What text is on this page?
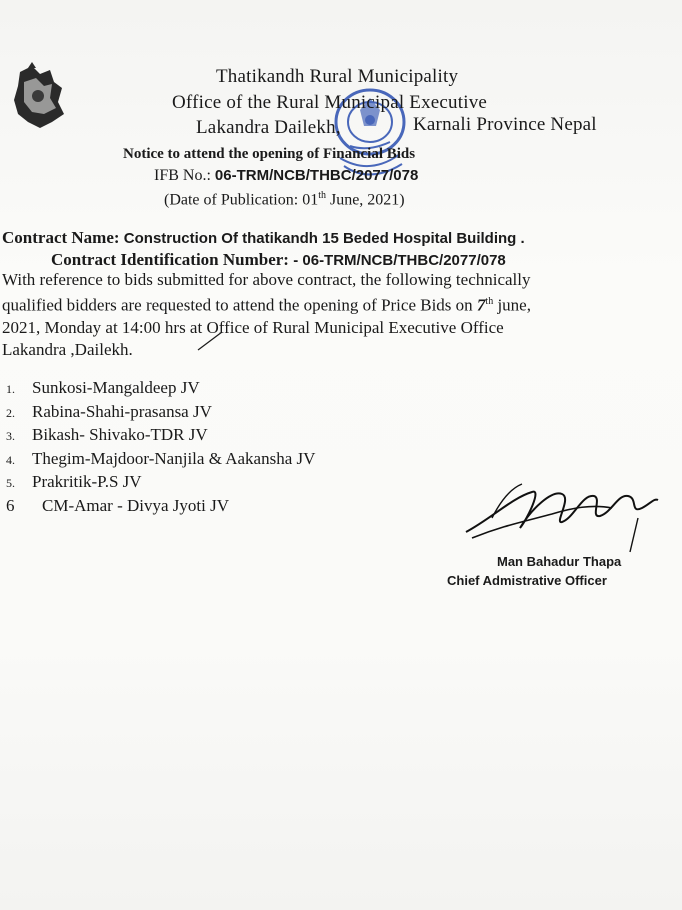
Thatikandh Rural Municipality
Office of the Rural Municipal Executive
Lakandra Dailekh,	Karnali Province Nepal
Notice to attend the opening of Financial Bids
IFB No.: 06-TRM/NCB/THBC/2077/078
(Date of Publication: 01th June, 2021)
Contract Name: Construction Of thatikandh 15 Beded Hospital Building .
Contract Identification Number: - 06-TRM/NCB/THBC/2077/078
With reference to bids submitted for above contract, the following technically
qualified bidders are requested to attend the opening of Price Bids on 7th june,
2021, Monday at 14:00 hrs at Office of Rural Municipal Executive Office
Lakandra ,Dailekh.
1. Sunkosi-Mangaldeep JV
2. Rabina-Shahi-prasansa JV
3. Bikash- Shivako-TDR JV
4. Thegim-Majdoor-Nanjila & Aakansha JV
5. Prakritik-P.S JV
6 CM-Amar - Divya Jyoti JV
Man Bahadur Thapa
Chief Admistrative Officer
